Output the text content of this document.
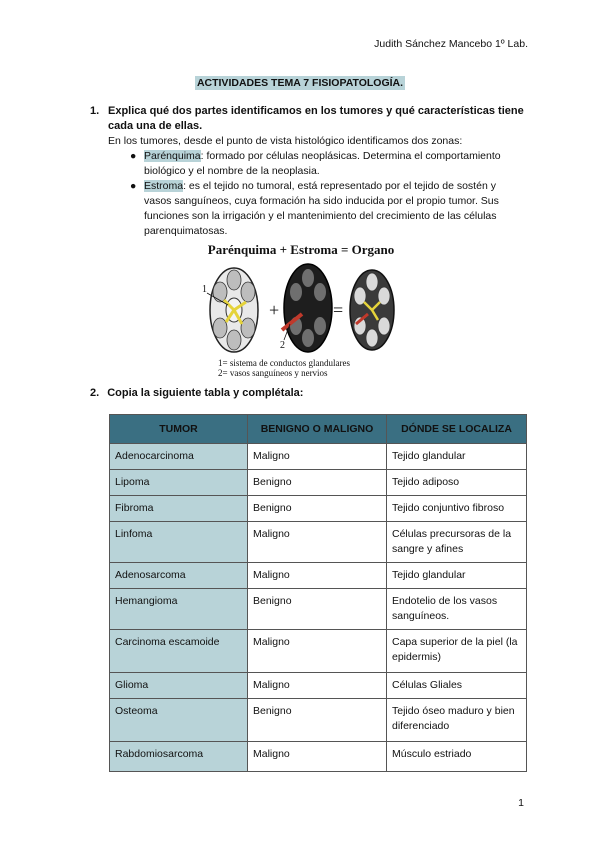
Judith Sánchez Mancebo 1º Lab.
ACTIVIDADES TEMA 7 FISIOPATOLOGÍA.
1. Explica qué dos partes identificamos en los tumores y qué características tiene cada una de ellas.
En los tumores, desde el punto de vista histológico identificamos dos zonas:
● Parénquima: formado por células neoplásicas. Determina el comportamiento biológico y el nombre de la neoplasia.
● Estroma: es el tejido no tumoral, está representado por el tejido de sostén y vasos sanguíneos, cuya formación ha sido inducida por el propio tumor. Sus funciones son la irrigación y el mantenimiento del crecimiento de las células parenquimatosas.
Parénquima + Estroma = Organo
1
+
2
=
1= sistema de conductos glandulares
2= vasos sanguíneos y nervios
2. Copia la siguiente tabla y complétala:
TUMOR	BENIGNO O MALIGNO	DÓNDE SE LOCALIZA
Adenocarcinoma	Maligno	Tejido glandular
Lipoma	Benigno	Tejido adiposo
Fibroma	Benigno	Tejido conjuntivo fibroso
Linfoma	Maligno	Células precursoras de la sangre y afines
Adenosarcoma	Maligno	Tejido glandular
Hemangioma	Benigno	Endotelio de los vasos sanguíneos.
Carcinoma escamoide	Maligno	Capa superior de la piel (la epidermis)
Glioma	Maligno	Células Gliales
Osteoma	Benigno	Tejido óseo maduro y bien diferenciado
Rabdomiosarcoma	Maligno	Músculo estriado
1
